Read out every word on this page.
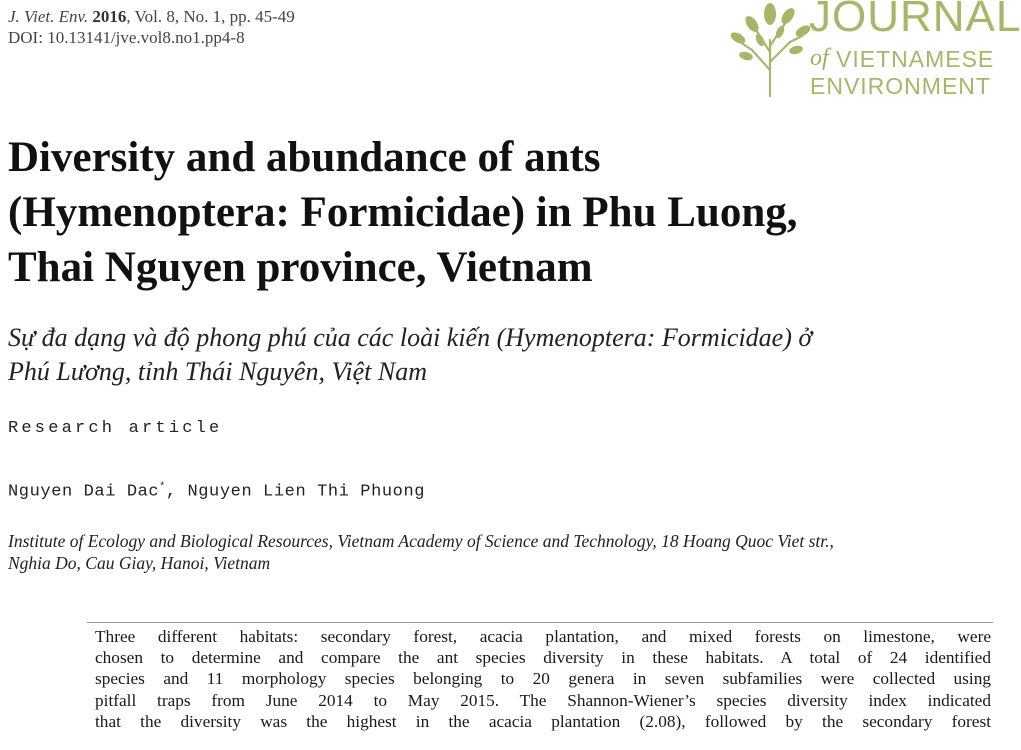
J. Viet. Env. 2016, Vol. 8, No. 1, pp. 45-49
DOI: 10.13141/jve.vol8.no1.pp4-8	JOURNAL
of VIETNAMESE
ENVIRONMENT
Diversity and abundance of ants
(Hymenoptera: Formicidae) in Phu Luong,
Thai Nguyen province, Vietnam
Sự đa dạng và độ phong phú của các loài kiến (Hymenoptera: Formicidae) ở
Phú Lương, tỉnh Thái Nguyên, Việt Nam
Research article
Nguyen Dai Dac*, Nguyen Lien Thi Phuong
Institute of Ecology and Biological Resources, Vietnam Academy of Science and Technology, 18 Hoang Quoc Viet str.,
Nghia Do, Cau Giay, Hanoi, Vietnam
Three different habitats: secondary forest, acacia plantation, and mixed forests on limestone, were
chosen to determine and compare the ant species diversity in these habitats. A total of 24 identified
species and 11 morphology species belonging to 20 genera in seven subfamilies were collected using
pitfall traps from June 2014 to May 2015. The Shannon-Wiener’s species diversity index indicated
that the diversity was the highest in the acacia plantation (2.08), followed by the secondary forest
